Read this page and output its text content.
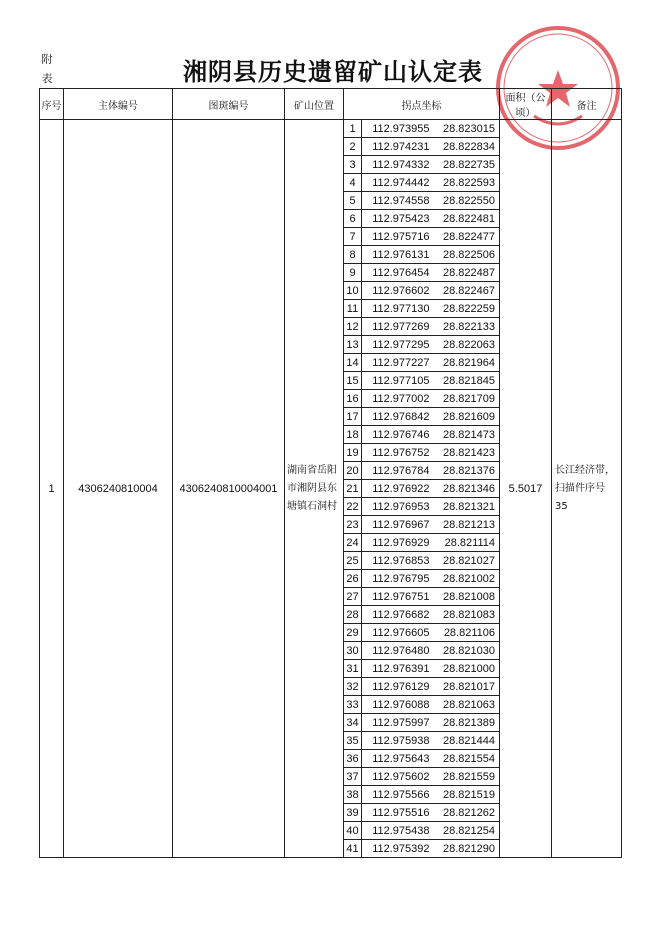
附表	湘阴县历史遗留矿山认定表
序号	主体编号	图斑编号	矿山位置	拐点坐标			面积（公顷）	备注
1	4306240810004	4306240810004001	湖南省岳阳市湘阴县东塘镇石洞村	1	112.973955	28.823015	5.5017	长江经济带，扫描件序号 35
				2	112.974231	28.822834		
				3	112.974332	28.822735		
				4	112.974442	28.822593		
				5	112.974558	28.822550		
				6	112.975423	28.822481		
				7	112.975716	28.822477		
				8	112.976131	28.822506		
				9	112.976454	28.822487		
				10	112.976602	28.822467		
				11	112.977130	28.822259		
				12	112.977269	28.822133		
				13	112.977295	28.822063		
				14	112.977227	28.821964		
				15	112.977105	28.821845		
				16	112.977002	28.821709		
				17	112.976842	28.821609		
				18	112.976746	28.821473		
				19	112.976752	28.821423		
				20	112.976784	28.821376		
				21	112.976922	28.821346		
				22	112.976953	28.821321		
				23	112.976967	28.821213		
				24	112.976929	28.821114		
				25	112.976853	28.821027		
				26	112.976795	28.821002		
				27	112.976751	28.821008		
				28	112.976682	28.821083		
				29	112.976605	28.821106		
				30	112.976480	28.821030		
				31	112.976391	28.821000		
				32	112.976129	28.821017		
				33	112.976088	28.821063		
				34	112.975997	28.821389		
				35	112.975938	28.821444		
				36	112.975643	28.821554		
				37	112.975602	28.821559		
				38	112.975566	28.821519		
				39	112.975516	28.821262		
				40	112.975438	28.821254		
				41	112.975392	28.821290		
